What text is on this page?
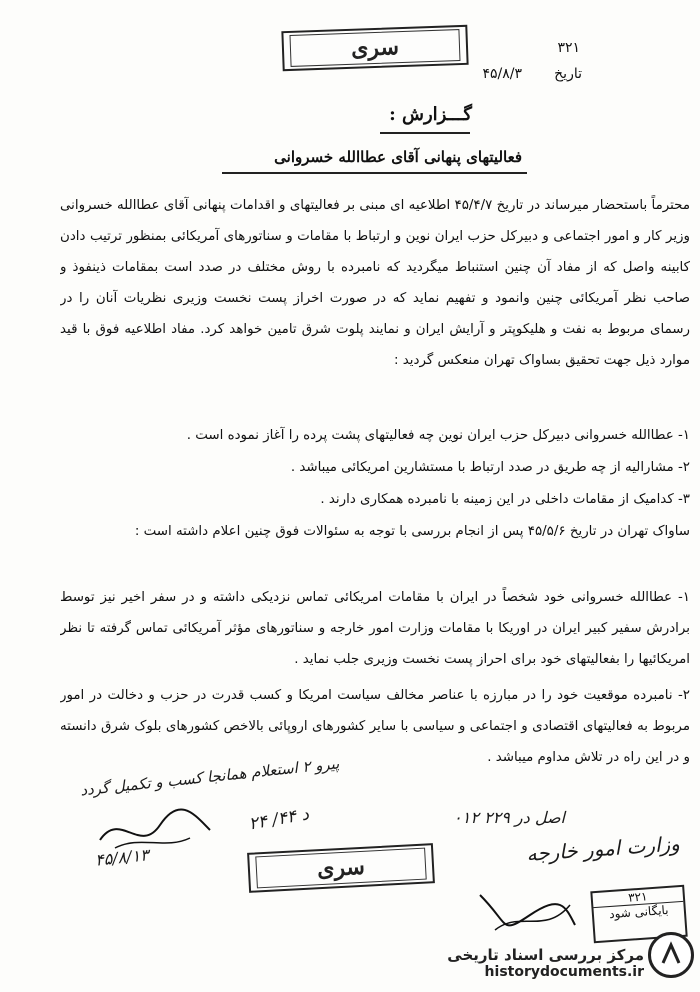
سری	۳۲۱
تاریخ
۴۵/۸/۳
گـــزارش :
فعالیتهای پنهانی آقای عطاالله خسروانی
محترماً باستحضار میرساند در تاریخ ۴۵/۴/۷ اطلاعیه ای مبنی بر فعالیتهای و اقدامات پنهانی آقای عطاالله خسروانی وزیر کار و امور اجتماعی و دبیرکل حزب ایران نوین و ارتباط با مقامات و سناتورهای آمریکائی بمنظور ترتیب دادن کابینه واصل که از مفاد آن چنین استنباط میگردید که نامبرده با روش مختلف در صدد است بمقامات ذینفوذ و صاحب نظر آمریکائی چنین وانمود و تفهیم نماید که در صورت اخراز پست نخست وزیری نظریات آنان را در رسمای مربوط به نفت و هلیکوپتر و آرایش ایران و نمایند پلوت شرق تامین خواهد کرد. مفاد اطلاعیه فوق با قید موارد ذیل جهت تحقیق بساواک تهران منعکس گردید :
۱- عطاالله خسروانی دبیرکل حزب ایران نوین چه فعالیتهای پشت پرده را آغاز نموده است .
۲- مشارالیه از چه طریق در صدد ارتباط با مستشارین امریکائی میباشد .
۳- کدامیک از مقامات داخلی در این زمینه با نامبرده همکاری دارند .
ساواک تهران در تاریخ ۴۵/۵/۶ پس از انجام بررسی با توجه به سئوالات فوق چنین اعلام داشته است :
۱- عطاالله خسروانی خود شخصاً در ایران با مقامات امریکائی تماس نزدیکی داشته و در سفر اخیر نیز توسط برادرش سفیر کبیر ایران در اوریکا با مقامات وزارت امور خارجه و سناتورهای مؤثر آمریکائی تماس گرفته تا نظر امریکائیها را بفعالیتهای خود برای احراز پست نخست وزیری جلب نماید .
۲- نامبرده موقعیت خود را در مبارزه با عناصر مخالف سیاست امریکا و کسب قدرت در حزب و دخالت در امور مربوط به فعالیتهای اقتصادی و اجتماعی و سیاسی با سایر کشورهای اروپائی بالاخص کشورهای بلوک شرق دانسته و در این راه در تلاش مداوم میباشد .
پیرو ۲ استعلام همانجا کسب و تکمیل گردد
اصل در ۲۲۹ ۰۱۲
وزارت امور خارجه
د ۴۴/ ۲۴
۴۵/۸/۱۳	سری
۳۲۱
بایگانی شود
مرکز بررسی اسناد تاریخی
historydocuments.ir
